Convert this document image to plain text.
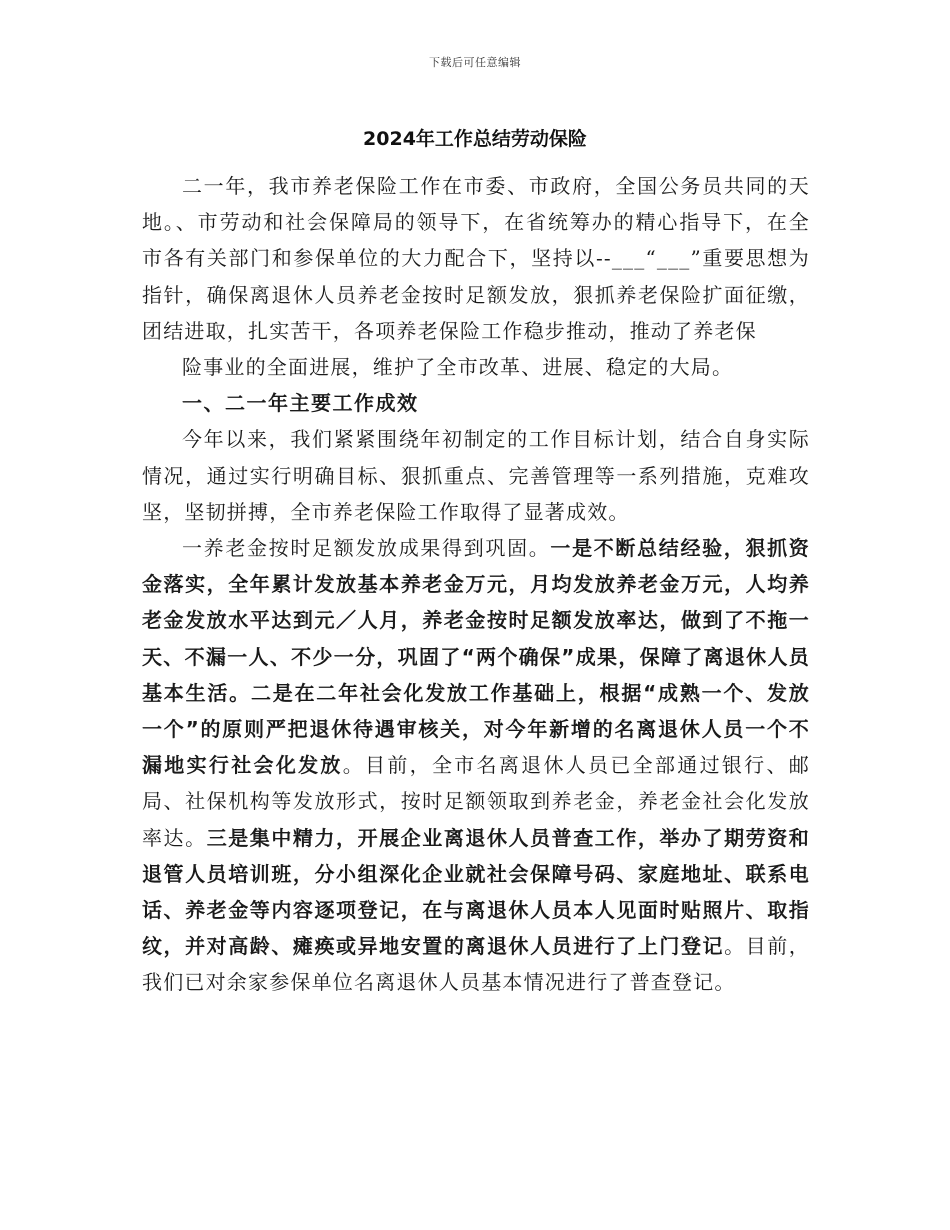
下载后可任意编辑
2024年工作总结劳动保险

二一年，我市养老保险工作在市委、市政府，全国公务员共同的天地。、市劳动和社会保障局的领导下，在省统筹办的精心指导下，在全市各有关部门和参保单位的大力配合下，坚持以--___“___”重要思想为指针，确保离退休人员养老金按时足额发放，狠抓养老保险扩面征缴，团结进取，扎实苦干，各项养老保险工作稳步推动，推动了养老保

险事业的全面进展，维护了全市改革、进展、稳定的大局。

一、二一年主要工作成效

今年以来，我们紧紧围绕年初制定的工作目标计划，结合自身实际情况，通过实行明确目标、狠抓重点、完善管理等一系列措施，克难攻坚，坚韧拼搏，全市养老保险工作取得了显著成效。

一养老金按时足额发放成果得到巩固。一是不断总结经验，狠抓资金落实，全年累计发放基本养老金万元，月均发放养老金万元，人均养老金发放水平达到元／人月，养老金按时足额发放率达，做到了不拖一天、不漏一人、不少一分，巩固了“两个确保”成果，保障了离退休人员基本生活。二是在二年社会化发放工作基础上，根据“成熟一个、发放一个”的原则严把退休待遇审核关，对今年新增的名离退休人员一个不漏地实行社会化发放。目前，全市名离退休人员已全部通过银行、邮局、社保机构等发放形式，按时足额领取到养老金，养老金社会化发放率达。三是集中精力，开展企业离退休人员普查工作，举办了期劳资和退管人员培训班，分小组深化企业就社会保障号码、家庭地址、联系电话、养老金等内容逐项登记，在与离退休人员本人见面时贴照片、取指纹，并对高龄、瘫痪或异地安置的离退休人员进行了上门登记。目前，我们已对余家参保单位名离退休人员基本情况进行了普查登记。
